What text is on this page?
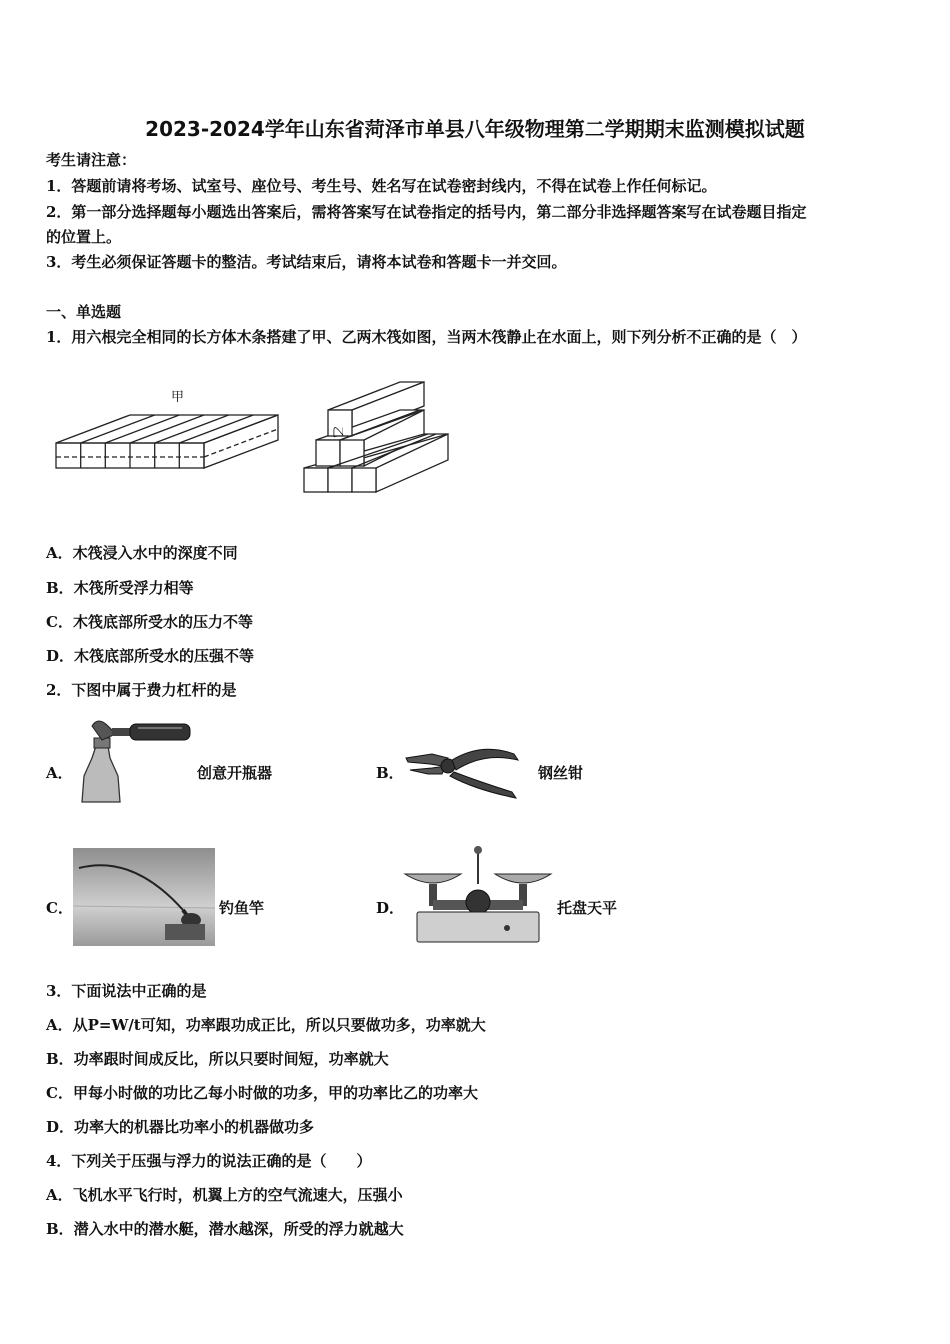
2023-2024学年山东省菏泽市单县八年级物理第二学期期末监测模拟试题
考生请注意：
1．答题前请将考场、试室号、座位号、考生号、姓名写在试卷密封线内，不得在试卷上作任何标记。
2．第一部分选择题每小题选出答案后，需将答案写在试卷指定的括号内，第二部分非选择题答案写在试卷题目指定
的位置上。
3．考生必须保证答题卡的整洁。考试结束后，请将本试卷和答题卡一并交回。
一、单选题
1．用六根完全相同的长方体木条搭建了甲、乙两木筏如图，当两木筏静止在水面上，则下列分析不正确的是（　）
甲
乙
A．木筏浸入水中的深度不同
B．木筏所受浮力相等
C．木筏底部所受水的压力不等
D．木筏底部所受水的压强不等
2．下图中属于费力杠杆的是
A．	创意开瓶器	B．	钢丝钳
C．	钓鱼竿	D．	托盘天平
3．下面说法中正确的是
A．从P=W/t可知，功率跟功成正比，所以只要做功多，功率就大
B．功率跟时间成反比，所以只要时间短，功率就大
C．甲每小时做的功比乙每小时做的功多，甲的功率比乙的功率大
D．功率大的机器比功率小的机器做功多
4．下列关于压强与浮力的说法正确的是（　　）
A．飞机水平飞行时，机翼上方的空气流速大，压强小
B．潜入水中的潜水艇，潜水越深，所受的浮力就越大
